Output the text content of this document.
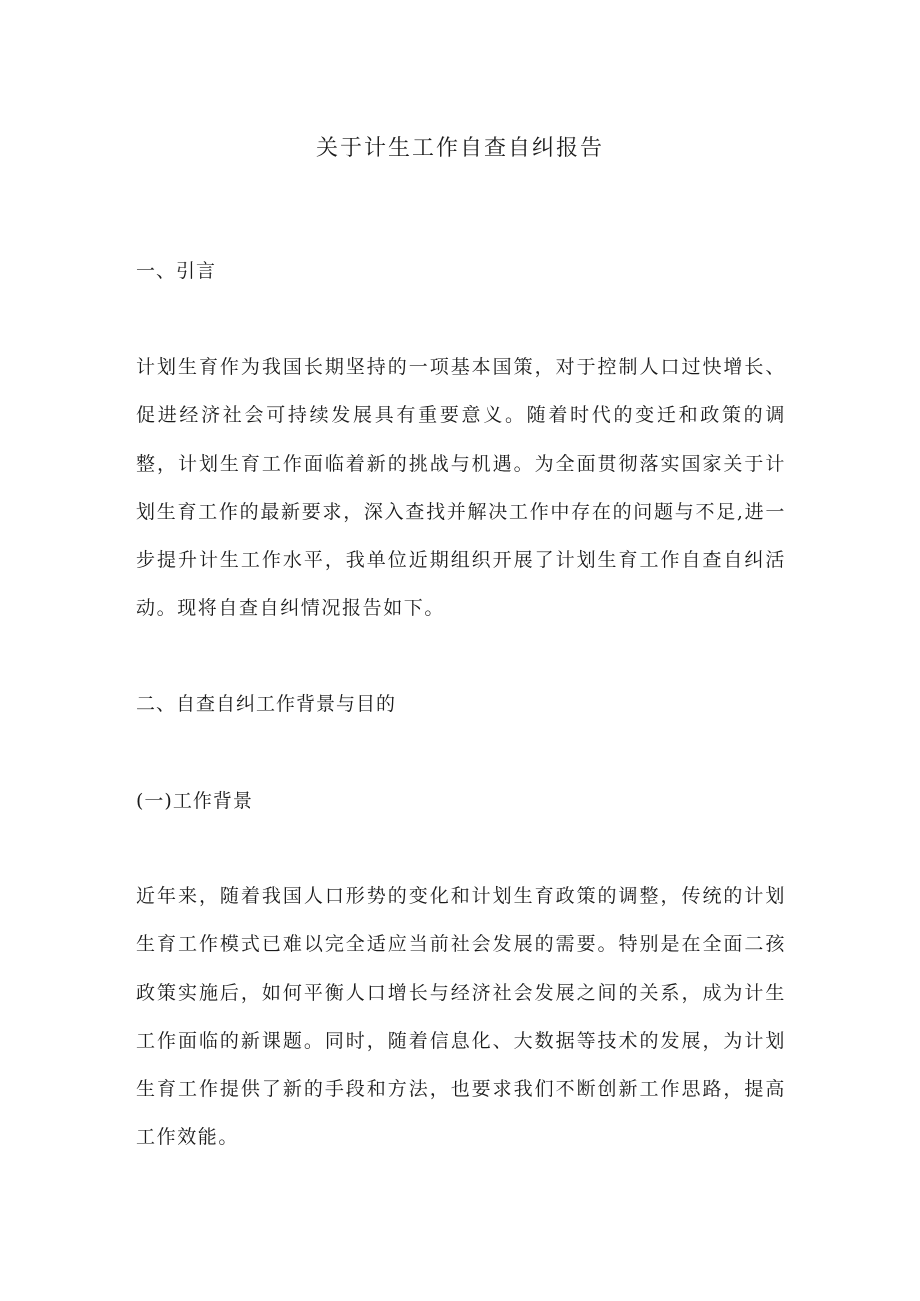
关于计生工作自查自纠报告
一、引言

计划生育作为我国长期坚持的一项基本国策，对于控制人口过快增长、促进经济社会可持续发展具有重要意义。随着时代的变迁和政策的调整，计划生育工作面临着新的挑战与机遇。为全面贯彻落实国家关于计划生育工作的最新要求，深入查找并解决工作中存在的问题与不足,进一步提升计生工作水平，我单位近期组织开展了计划生育工作自查自纠活动。现将自查自纠情况报告如下。

二、自查自纠工作背景与目的
(一)工作背景

近年来，随着我国人口形势的变化和计划生育政策的调整，传统的计划生育工作模式已难以完全适应当前社会发展的需要。特别是在全面二孩政策实施后，如何平衡人口增长与经济社会发展之间的关系，成为计生工作面临的新课题。同时，随着信息化、大数据等技术的发展，为计划生育工作提供了新的手段和方法，也要求我们不断创新工作思路，提高工作效能。
